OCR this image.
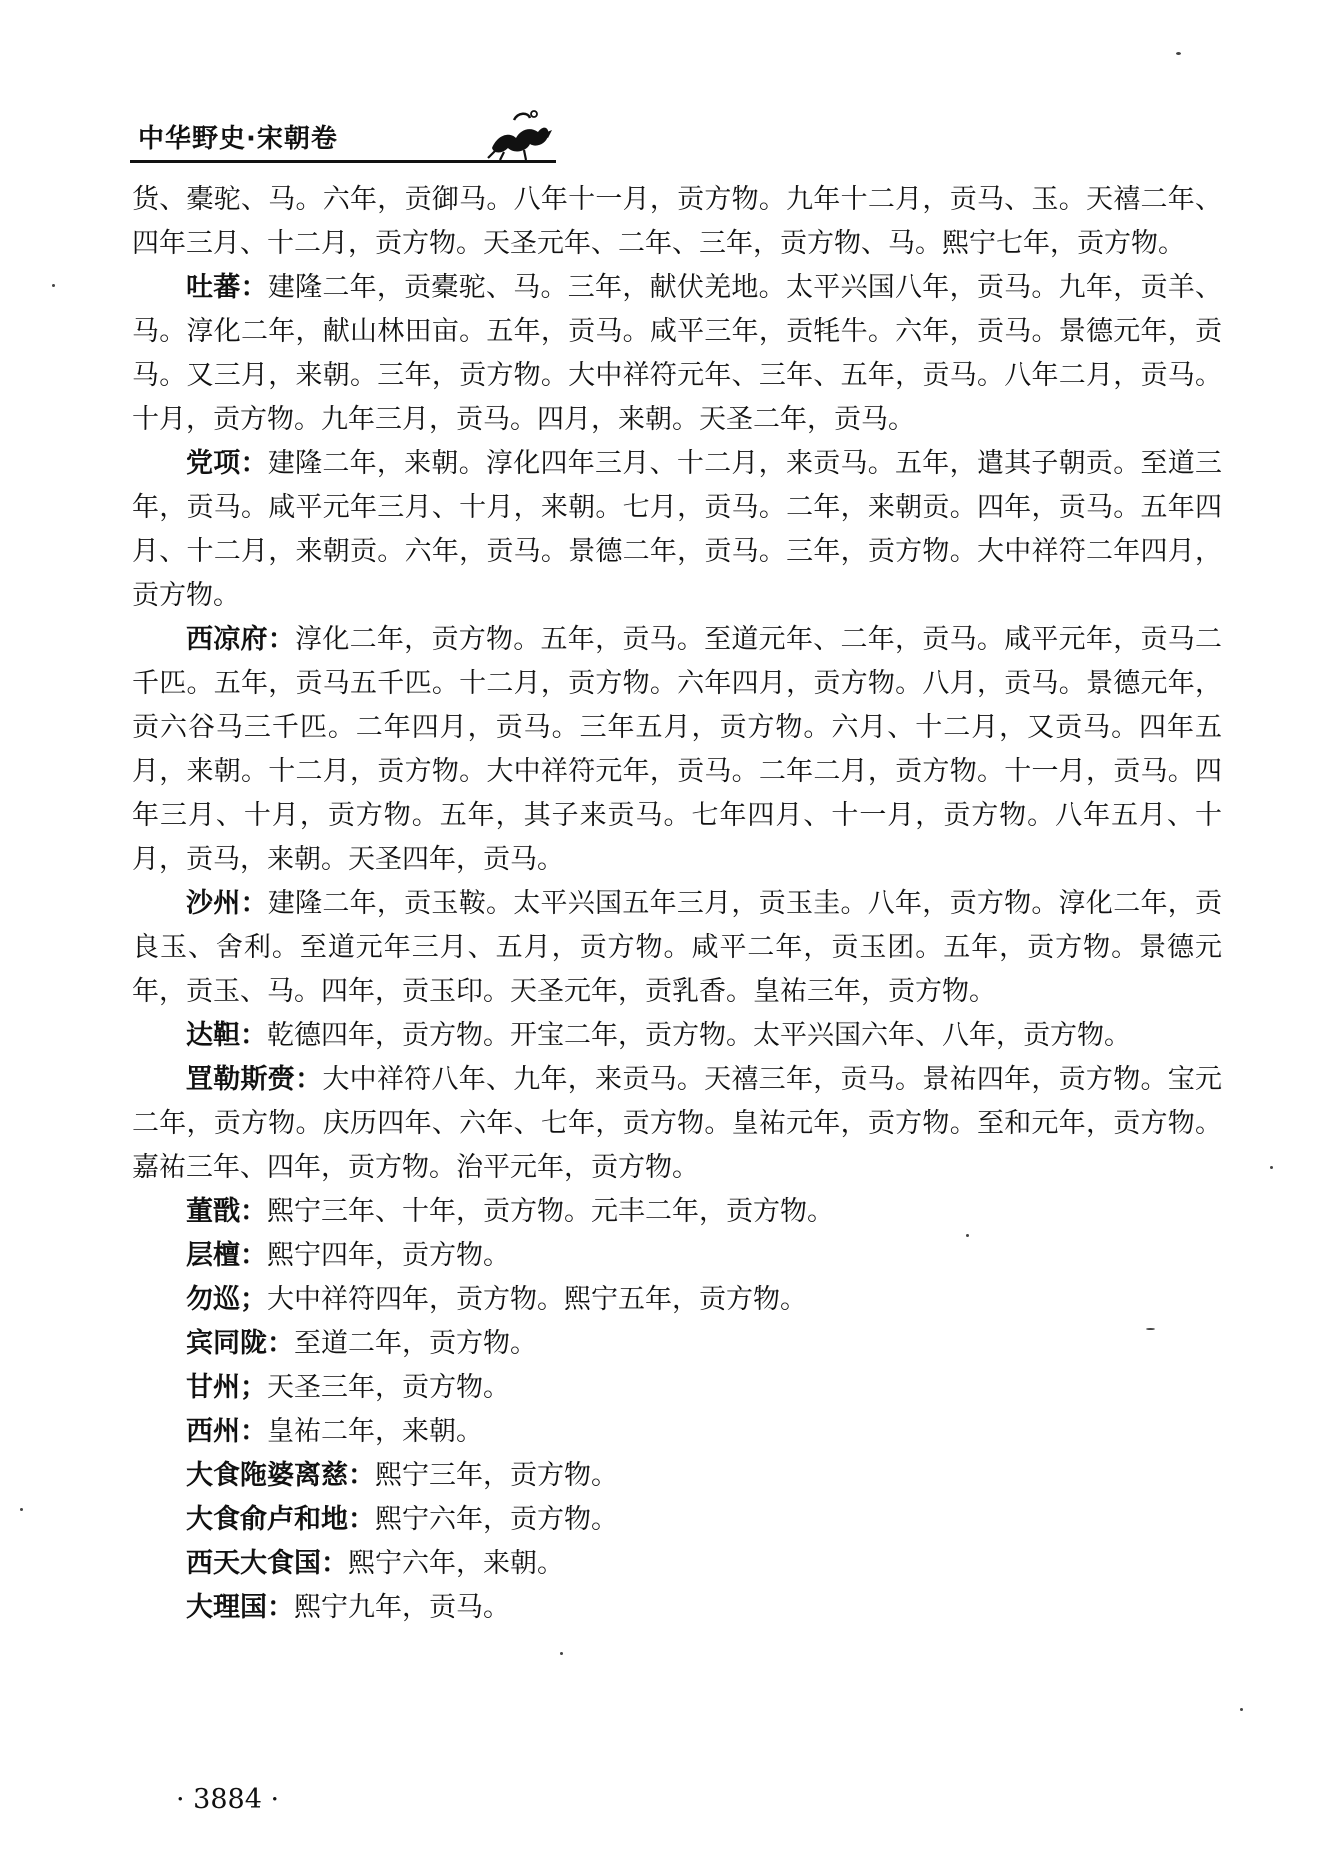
中华野史·宋朝卷

货、橐驼、马。六年，贡御马。八年十一月，贡方物。九年十二月，贡马、玉。天禧二年、四年三月、十二月，贡方物。天圣元年、二年、三年，贡方物、马。熙宁七年，贡方物。

吐蕃：建隆二年，贡橐驼、马。三年，献伏羌地。太平兴国八年，贡马。九年，贡羊、马。淳化二年，献山林田亩。五年，贡马。咸平三年，贡牦牛。六年，贡马。景德元年，贡马。又三月，来朝。三年，贡方物。大中祥符元年、三年、五年，贡马。八年二月，贡马。十月，贡方物。九年三月，贡马。四月，来朝。天圣二年，贡马。

党项：建隆二年，来朝。淳化四年三月、十二月，来贡马。五年，遣其子朝贡。至道三年，贡马。咸平元年三月、十月，来朝。七月，贡马。二年，来朝贡。四年，贡马。五年四月、十二月，来朝贡。六年，贡马。景德二年，贡马。三年，贡方物。大中祥符二年四月，贡方物。

西凉府：淳化二年，贡方物。五年，贡马。至道元年、二年，贡马。咸平元年，贡马二千匹。五年，贡马五千匹。十二月，贡方物。六年四月，贡方物。八月，贡马。景德元年，贡六谷马三千匹。二年四月，贡马。三年五月，贡方物。六月、十二月，又贡马。四年五月，来朝。十二月，贡方物。大中祥符元年，贡马。二年二月，贡方物。十一月，贡马。四年三月、十月，贡方物。五年，其子来贡马。七年四月、十一月，贡方物。八年五月、十月，贡马，来朝。天圣四年，贡马。

沙州：建隆二年，贡玉鞍。太平兴国五年三月，贡玉圭。八年，贡方物。淳化二年，贡良玉、舍利。至道元年三月、五月，贡方物。咸平二年，贡玉团。五年，贡方物。景德元年，贡玉、马。四年，贡玉印。天圣元年，贡乳香。皇祐三年，贡方物。

达靼：乾德四年，贡方物。开宝二年，贡方物。太平兴国六年、八年，贡方物。

罝勒斯赍：大中祥符八年、九年，来贡马。天禧三年，贡马。景祐四年，贡方物。宝元二年，贡方物。庆历四年、六年、七年，贡方物。皇祐元年，贡方物。至和元年，贡方物。嘉祐三年、四年，贡方物。治平元年，贡方物。

董戬：熙宁三年、十年，贡方物。元丰二年，贡方物。

层檀：熙宁四年，贡方物。

勿巡；大中祥符四年，贡方物。熙宁五年，贡方物。

宾同陇：至道二年，贡方物。

甘州；天圣三年，贡方物。

西州：皇祐二年，来朝。

大食陁婆离慈：熙宁三年，贡方物。

大食俞卢和地：熙宁六年，贡方物。

西天大食国：熙宁六年，来朝。

大理国：熙宁九年，贡马。

· 3884 ·
